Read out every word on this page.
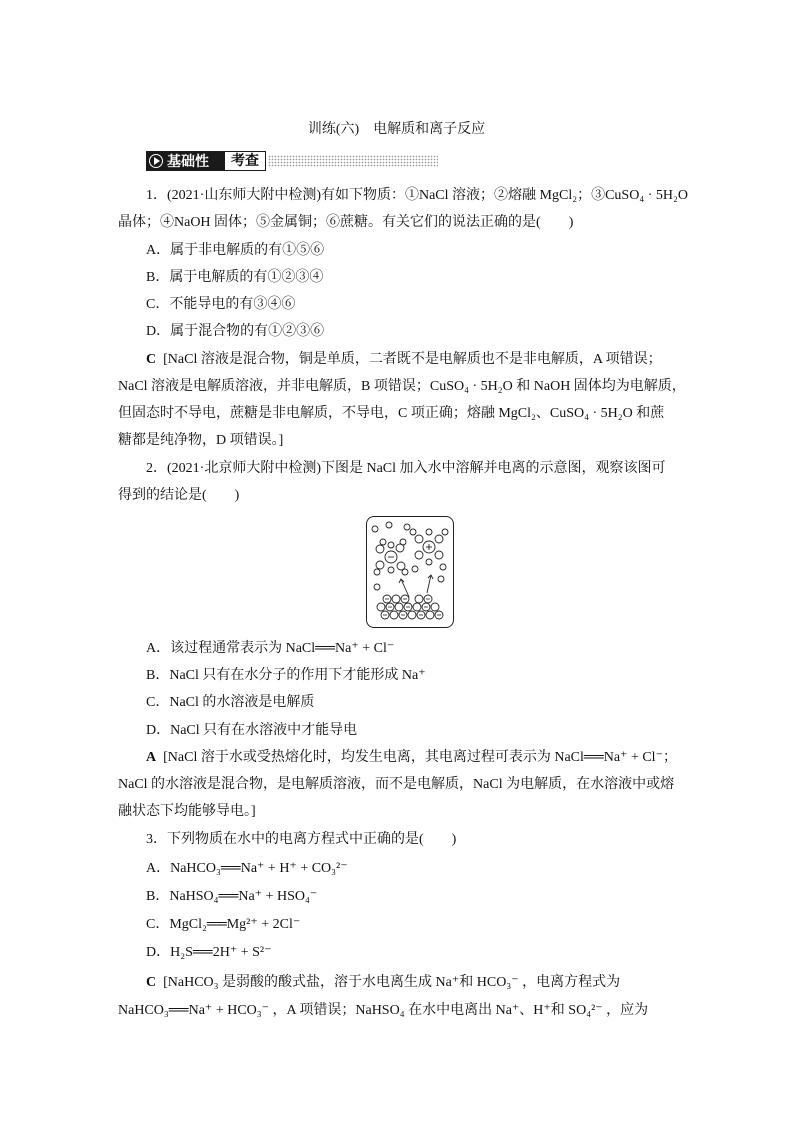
训练(六)　电解质和离子反应
基础性	考查
1．(2021·山东师大附中检测)有如下物质：①NaCl 溶液；②熔融 MgCl₂；③CuSO₄ · 5H₂O
晶体；④NaOH 固体；⑤金属铜；⑥蔗糖。有关它们的说法正确的是(　　)
A．属于非电解质的有①⑤⑥
B．属于电解质的有①②③④
C．不能导电的有③④⑥
D．属于混合物的有①②③⑥
C [NaCl 溶液是混合物，铜是单质，二者既不是电解质也不是非电解质，A 项错误；
NaCl 溶液是电解质溶液，并非电解质，B 项错误；CuSO₄ · 5H₂O 和 NaOH 固体均为电解质，
但固态时不导电，蔗糖是非电解质，不导电，C 项正确；熔融 MgCl₂、CuSO₄ · 5H₂O 和蔗
糖都是纯净物，D 项错误。]
2．(2021·北京师大附中检测)下图是 NaCl 加入水中溶解并电离的示意图，观察该图可
得到的结论是(　　)
A．该过程通常表示为 NaCl══Na⁺ + Cl⁻
B．NaCl 只有在水分子的作用下才能形成 Na⁺
C．NaCl 的水溶液是电解质
D．NaCl 只有在水溶液中才能导电
A [NaCl 溶于水或受热熔化时，均发生电离，其电离过程可表示为 NaCl══Na⁺ + Cl⁻；
NaCl 的水溶液是混合物，是电解质溶液，而不是电解质，NaCl 为电解质，在水溶液中或熔
融状态下均能够导电。]
3．下列物质在水中的电离方程式中正确的是(　　)
A．NaHCO₃══Na⁺ + H⁺ + CO₃²⁻
B．NaHSO₄══Na⁺ + HSO₄⁻
C．MgCl₂══Mg²⁺ + 2Cl⁻
D．H₂S══2H⁺ + S²⁻
C [NaHCO₃ 是弱酸的酸式盐，溶于水电离生成 Na⁺和 HCO₃⁻ ，电离方程式为
NaHCO₃══Na⁺ + HCO₃⁻ ，A 项错误；NaHSO₄ 在水中电离出 Na⁺、H⁺和 SO₄²⁻ ，应为
